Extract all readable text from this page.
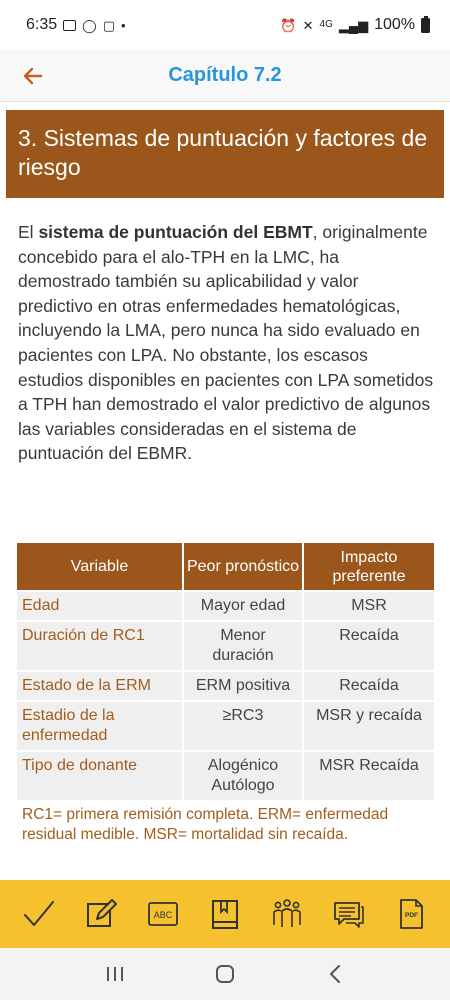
6:35 ◯ ▢ •	⏰ ✕ 4G ▂▄▆ 100%
Capítulo 7.2
3. Sistemas de puntuación y factores de riesgo
El sistema de puntuación del EBMT, originalmente concebido para el alo-TPH en la LMC, ha demostrado también su aplicabilidad y valor predictivo en otras enfermedades hematológicas, incluyendo la LMA, pero nunca ha sido evaluado en pacientes con LPA. No obstante, los escasos estudios disponibles en pacientes con LPA sometidos a TPH han demostrado el valor predictivo de algunos las variables consideradas en el sistema de puntuación del EBMR.
Variable	Peor pronóstico	Impacto preferente
Edad	Mayor edad	MSR
Duración de RC1	Menor duración	Recaída
Estado de la ERM	ERM positiva	Recaída
Estadio de la enfermedad	≥RC3	MSR y recaída
Tipo de donante	Alogénico Autólogo	MSR Recaída
RC1= primera remisión completa. ERM= enfermedad residual medible. MSR= mortalidad sin recaída.
ABC	PDF
